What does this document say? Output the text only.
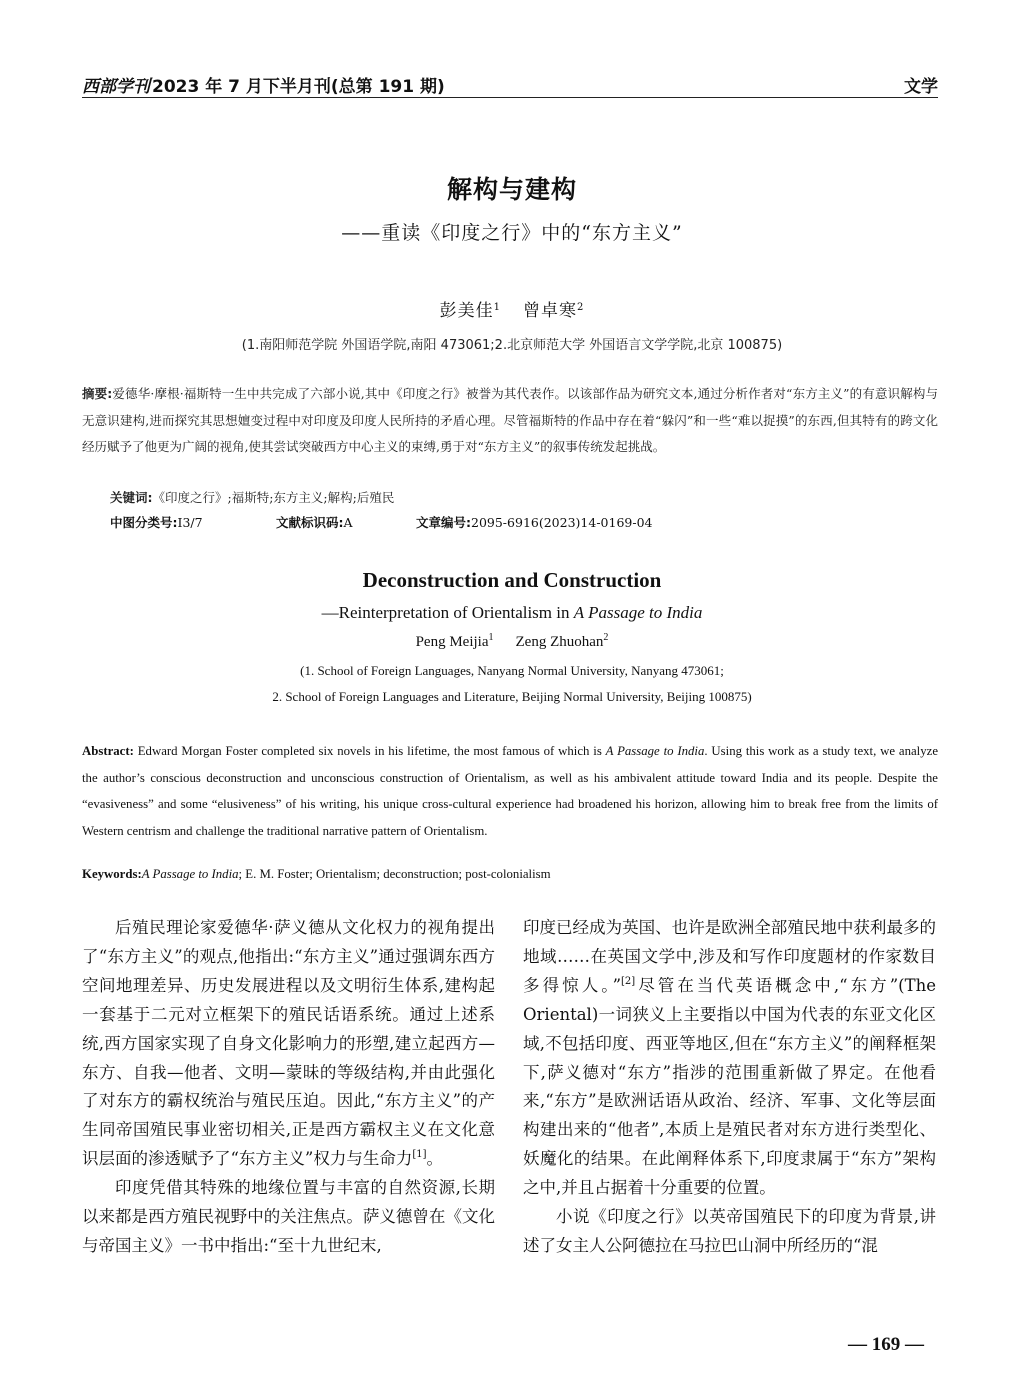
西部学刊 2023 年 7 月下半月刊(总第 191 期)	文学
解构与建构
——重读《印度之行》中的“东方主义”
彭美佳$^1$ 曾卓寒$^2$
(1.南阳师范学院 外国语学院,南阳 473061;2.北京师范大学 外国语言文学学院,北京 100875)
摘要:爱德华·摩根·福斯特一生中共完成了六部小说,其中《印度之行》被誉为其代表作。以该部作品为研究文本,通过分析作者对“东方主义”的有意识解构与无意识建构,进而探究其思想嬗变过程中对印度及印度人民所持的矛盾心理。尽管福斯特的作品中存在着“躲闪”和一些“难以捉摸”的东西,但其特有的跨文化经历赋予了他更为广阔的视角,使其尝试突破西方中心主义的束缚,勇于对“东方主义”的叙事传统发起挑战。
关键词:《印度之行》;福斯特;东方主义;解构;后殖民
中图分类号:I3/7	文献标识码:A	文章编号:2095-6916(2023)14-0169-04
Deconstruction and Construction
—Reinterpretation of Orientalism in A Passage to India
Peng Meijia$^1$ Zeng Zhuohan$^2$
(1. School of Foreign Languages, Nanyang Normal University, Nanyang 473061;
2. School of Foreign Languages and Literature, Beijing Normal University, Beijing 100875)
Abstract: Edward Morgan Foster completed six novels in his lifetime, the most famous of which is A Passage to India. Using this work as a study text, we analyze the author’s conscious deconstruction and unconscious construction of Orientalism, as well as his ambivalent attitude toward India and its people. Despite the “evasiveness” and some “elusiveness” of his writing, his unique cross-cultural experience had broadened his horizon, allowing him to break free from the limits of Western centrism and challenge the traditional narrative pattern of Orientalism.
Keywords:A Passage to India; E. M. Foster; Orientalism; deconstruction; post-colonialism

后殖民理论家爱德华·萨义德从文化权力的视角提出了“东方主义”的观点,他指出:“东方主义”通过强调东西方空间地理差异、历史发展进程以及文明衍生体系,建构起一套基于二元对立框架下的殖民话语系统。通过上述系统,西方国家实现了自身文化影响力的形塑,建立起西方—东方、自我—他者、文明—蒙昧的等级结构,并由此强化了对东方的霸权统治与殖民压迫。因此,“东方主义”的产生同帝国殖民事业密切相关,正是西方霸权主义在文化意识层面的渗透赋予了“东方主义”权力与生命力[1]。

印度凭借其特殊的地缘位置与丰富的自然资源,长期以来都是西方殖民视野中的关注焦点。萨义德曾在《文化与帝国主义》一书中指出:“至十九世纪末,

印度已经成为英国、也许是欧洲全部殖民地中获利最多的地域……在英国文学中,涉及和写作印度题材的作家数目多得惊人。”[2]尽管在当代英语概念中,“东方”(The Oriental)一词狭义上主要指以中国为代表的东亚文化区域,不包括印度、西亚等地区,但在“东方主义”的阐释框架下,萨义德对“东方”指涉的范围重新做了界定。在他看来,“东方”是欧洲话语从政治、经济、军事、文化等层面构建出来的“他者”,本质上是殖民者对东方进行类型化、妖魔化的结果。在此阐释体系下,印度隶属于“东方”架构之中,并且占据着十分重要的位置。

小说《印度之行》以英帝国殖民下的印度为背景,讲述了女主人公阿德拉在马拉巴山洞中所经历的“混

— 169 —
